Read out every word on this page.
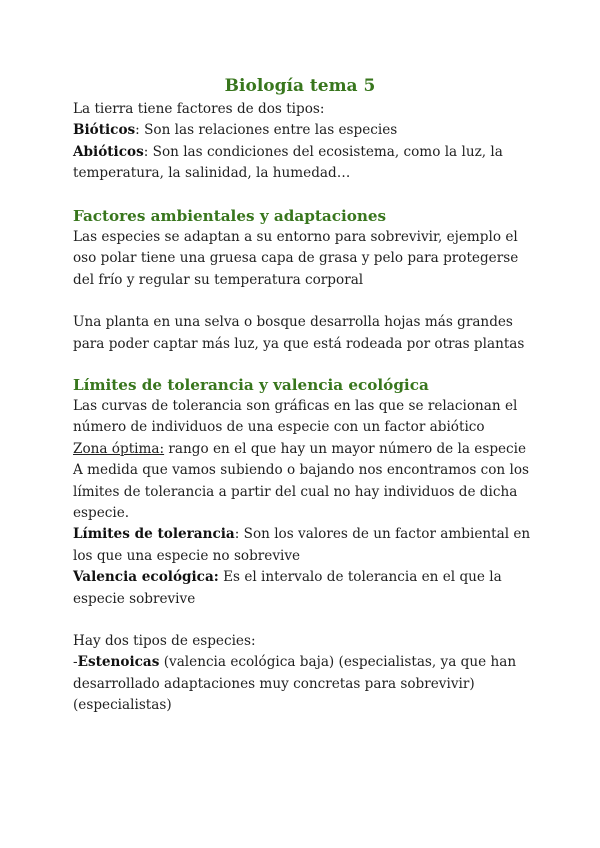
Biología tema 5

La tierra tiene factores de dos tipos:

Bióticos: Son las relaciones entre las especies

Abióticos: Son las condiciones del ecosistema, como la luz, la temperatura, la salinidad, la humedad…

Factores ambientales y adaptaciones

Las especies se adaptan a su entorno para sobrevivir, ejemplo el oso polar tiene una gruesa capa de grasa y pelo para protegerse del frío y regular su temperatura corporal

Una planta en una selva o bosque desarrolla hojas más grandes para poder captar más luz, ya que está rodeada por otras plantas

Límites de tolerancia y valencia ecológica

Las curvas de tolerancia son gráficas en las que se relacionan el número de individuos de una especie con un factor abiótico

Zona óptima: rango en el que hay un mayor número de la especie

A medida que vamos subiendo o bajando nos encontramos con los límites de tolerancia a partir del cual no hay individuos de dicha especie.

Límites de tolerancia: Son los valores de un factor ambiental en los que una especie no sobrevive

Valencia ecológica: Es el intervalo de tolerancia en el que la especie sobrevive

Hay dos tipos de especies:

-Estenoicas (valencia ecológica baja) (especialistas, ya que han desarrollado adaptaciones muy concretas para sobrevivir)(especialistas)
